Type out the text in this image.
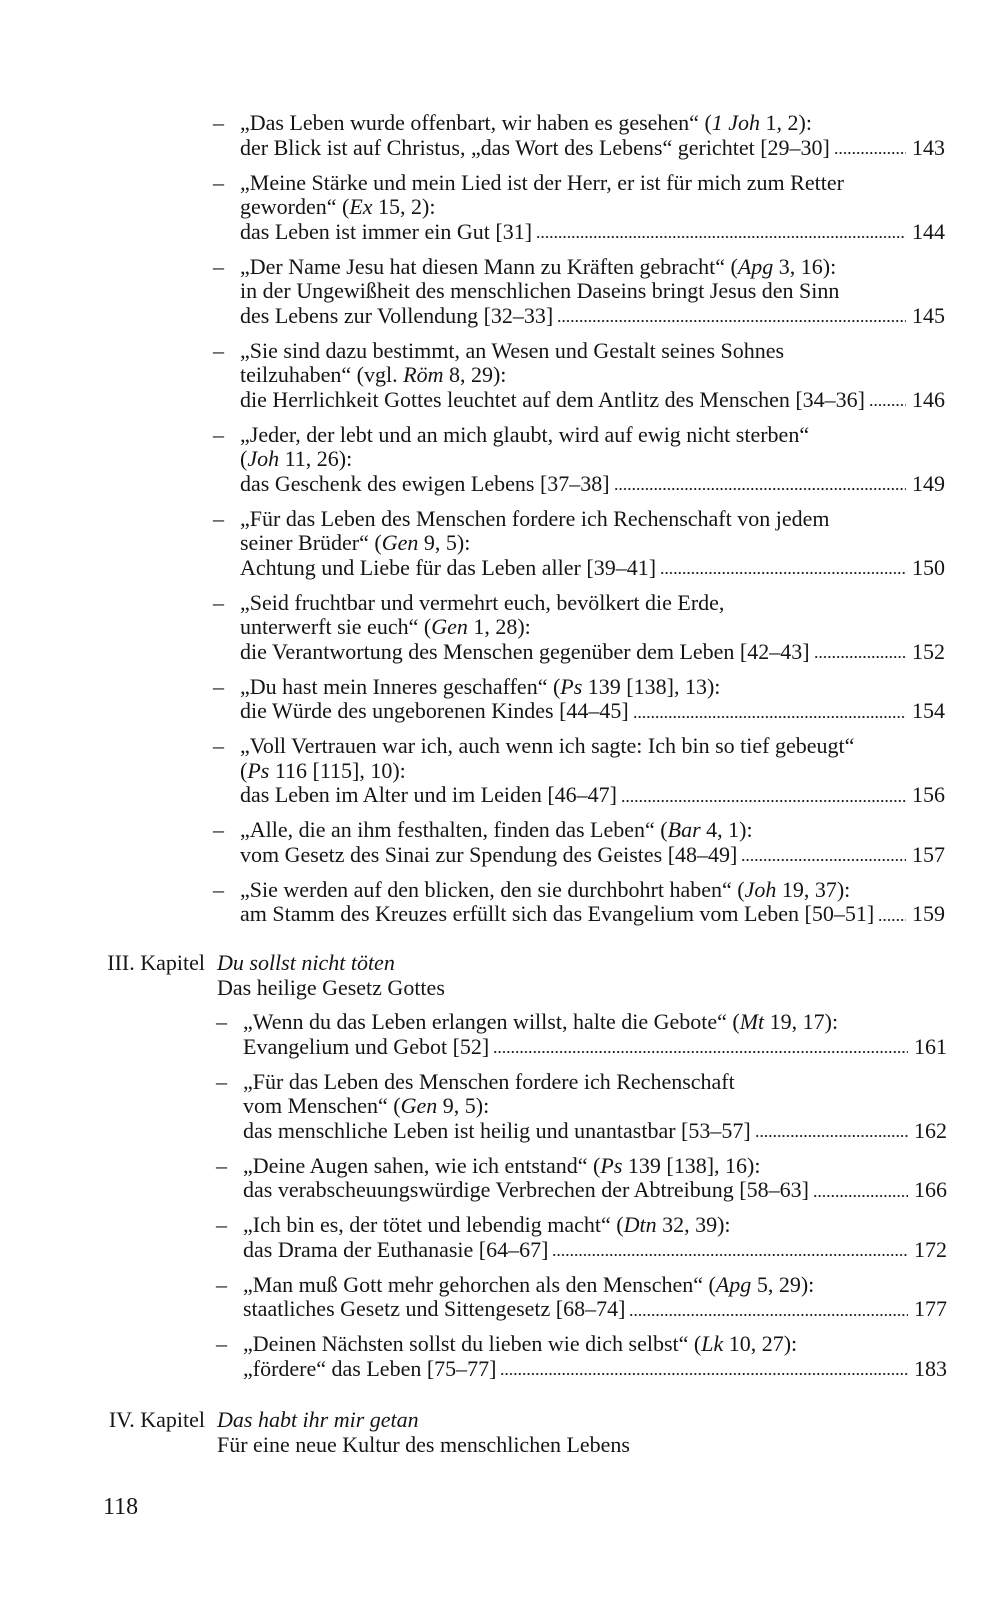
– „Das Leben wurde offenbart, wir haben es gesehen“ (1 Joh 1, 2):
der Blick ist auf Christus, „das Wort des Lebens“ gerichtet [29–30]	143
– „Meine Stärke und mein Lied ist der Herr, er ist für mich zum Retter
geworden“ (Ex 15, 2):
das Leben ist immer ein Gut [31]	144
– „Der Name Jesu hat diesen Mann zu Kräften gebracht“ (Apg 3, 16):
in der Ungewißheit des menschlichen Daseins bringt Jesus den Sinn
des Lebens zur Vollendung [32–33]	145
– „Sie sind dazu bestimmt, an Wesen und Gestalt seines Sohnes
teilzuhaben“ (vgl. Röm 8, 29):
die Herrlichkeit Gottes leuchtet auf dem Antlitz des Menschen [34–36] 146
– „Jeder, der lebt und an mich glaubt, wird auf ewig nicht sterben“
(Joh 11, 26):
das Geschenk des ewigen Lebens [37–38]	149
– „Für das Leben des Menschen fordere ich Rechenschaft von jedem
seiner Brüder“ (Gen 9, 5):
Achtung und Liebe für das Leben aller [39–41]	150
– „Seid fruchtbar und vermehrt euch, bevölkert die Erde,
unterwerft sie euch“ (Gen 1, 28):
die Verantwortung des Menschen gegenüber dem Leben [42–43]	152
– „Du hast mein Inneres geschaffen“ (Ps 139 [138], 13):
die Würde des ungeborenen Kindes [44–45]	154
– „Voll Vertrauen war ich, auch wenn ich sagte: Ich bin so tief gebeugt“
(Ps 116 [115], 10):
das Leben im Alter und im Leiden [46–47]	156
– „Alle, die an ihm festhalten, finden das Leben“ (Bar 4, 1):
vom Gesetz des Sinai zur Spendung des Geistes [48–49]	157
– „Sie werden auf den blicken, den sie durchbohrt haben“ (Joh 19, 37):
am Stamm des Kreuzes erfüllt sich das Evangelium vom Leben [50–51] 159
III. Kapitel Du sollst nicht töten
Das heilige Gesetz Gottes
– „Wenn du das Leben erlangen willst, halte die Gebote“ (Mt 19, 17):
Evangelium und Gebot [52]	161
– „Für das Leben des Menschen fordere ich Rechenschaft
vom Menschen“ (Gen 9, 5):
das menschliche Leben ist heilig und unantastbar [53–57]	162
– „Deine Augen sahen, wie ich entstand“ (Ps 139 [138], 16):
das verabscheuungswürdige Verbrechen der Abtreibung [58–63]	166
– „Ich bin es, der tötet und lebendig macht“ (Dtn 32, 39):
das Drama der Euthanasie [64–67]	172
– „Man muß Gott mehr gehorchen als den Menschen“ (Apg 5, 29):
staatliches Gesetz und Sittengesetz [68–74]	177
– „Deinen Nächsten sollst du lieben wie dich selbst“ (Lk 10, 27):
„fördere“ das Leben [75–77]	183
IV. Kapitel Das habt ihr mir getan
Für eine neue Kultur des menschlichen Lebens
118
